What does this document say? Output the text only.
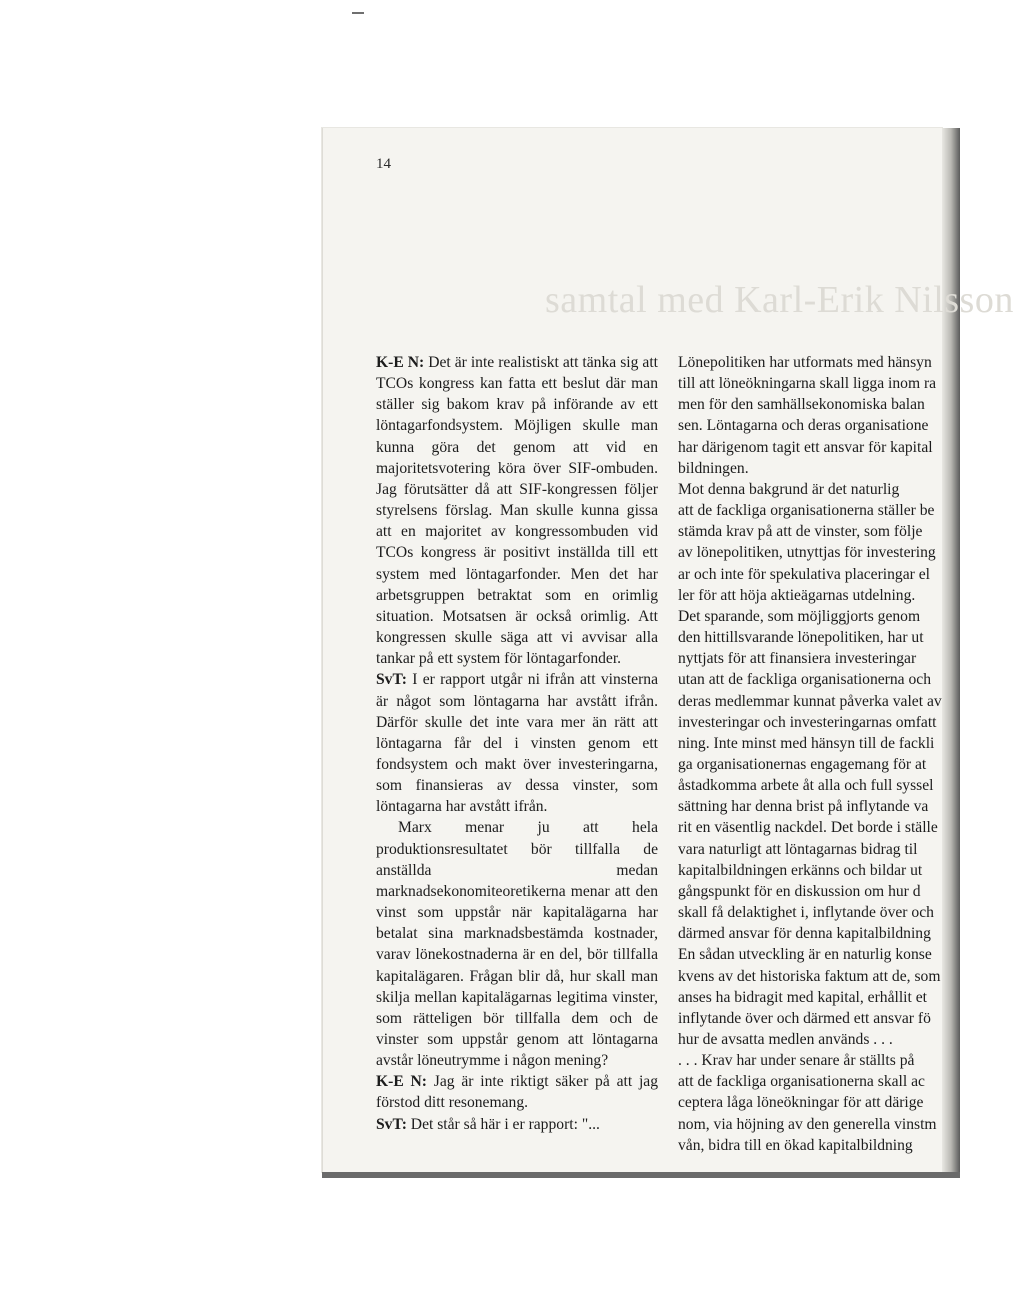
14
samtal med Karl-Erik Nilsson

K-E N: Det är inte realistiskt att tänka sig att TCOs kongress kan fatta ett beslut där man ställer sig bakom krav på införande av ett löntagarfondsystem. Möjligen skulle man kunna göra det genom att vid en majoritetsvotering köra över SIF-ombuden. Jag förutsätter då att SIF-kongressen följer styrelsens förslag. Man skulle kunna gissa att en majoritet av kongressombuden vid TCOs kongress är positivt inställda till ett system med löntagarfonder. Men det har arbetsgruppen betraktat som en orimlig situation. Motsatsen är också orimlig. Att kongressen skulle säga att vi avvisar alla tankar på ett system för löntagarfonder.

SvT: I er rapport utgår ni ifrån att vinsterna är något som löntagarna har avstått ifrån. Därför skulle det inte vara mer än rätt att löntagarna får del i vinsten genom ett fondsystem och makt över investeringarna, som finansieras av dessa vinster, som löntagarna har avstått ifrån.

Marx menar ju att hela produktionsresultatet bör tillfalla de anställda medan marknadsekonomiteoretikerna menar att den vinst som uppstår när kapitalägarna har betalat sina marknadsbestämda kostnader, varav lönekostnaderna är en del, bör tillfalla kapitalägaren. Frågan blir då, hur skall man skilja mellan kapitalägarnas legitima vinster, som rätteligen bör tillfalla dem och de vinster som uppstår genom att löntagarna avstår löneutrymme i någon mening?

K-E N: Jag är inte riktigt säker på att jag förstod ditt resonemang.

SvT: Det står så här i er rapport: "...

Lönepolitiken har utformats med hänsyn
till att löneökningarna skall ligga inom ra
men för den samhällsekonomiska balan
sen. Löntagarna och deras organisatione
har därigenom tagit ett ansvar för kapital
bildningen.
Mot denna bakgrund är det naturlig
att de fackliga organisationerna ställer be
stämda krav på att de vinster, som följe
av lönepolitiken, utnyttjas för investering
ar och inte för spekulativa placeringar el
ler för att höja aktieägarnas utdelning.
Det sparande, som möjliggjorts genom
den hittillsvarande lönepolitiken, har ut
nyttjats för att finansiera investeringar
utan att de fackliga organisationerna och
deras medlemmar kunnat påverka valet av
investeringar och investeringarnas omfatt
ning. Inte minst med hänsyn till de fackli
ga organisationernas engagemang för at
åstadkomma arbete åt alla och full syssel
sättning har denna brist på inflytande va
rit en väsentlig nackdel. Det borde i ställe
vara naturligt att löntagarnas bidrag til
kapitalbildningen erkänns och bildar ut
gångspunkt för en diskussion om hur d
skall få delaktighet i, inflytande över och
därmed ansvar för denna kapitalbildning
En sådan utveckling är en naturlig konse
kvens av det historiska faktum att de, som
anses ha bidragit med kapital, erhållit et
inflytande över och därmed ett ansvar fö
hur de avsatta medlen används . . .
. . . Krav har under senare år ställts på
att de fackliga organisationerna skall ac
ceptera låga löneökningar för att därige
nom, via höjning av den generella vinstm
vån, bidra till en ökad kapitalbildning
